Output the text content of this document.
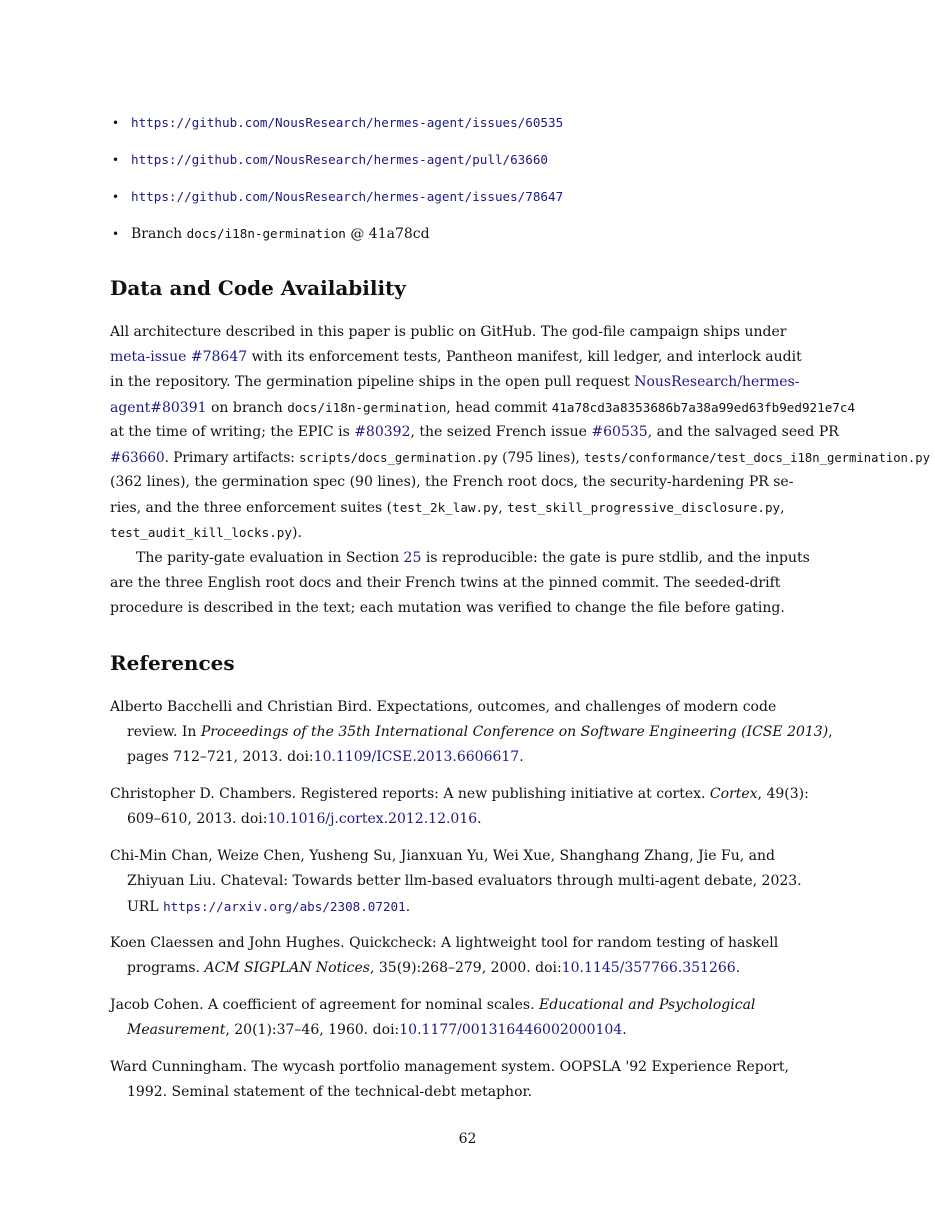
• https://github.com/NousResearch/hermes-agent/issues/60535
• https://github.com/NousResearch/hermes-agent/pull/63660
• https://github.com/NousResearch/hermes-agent/issues/78647
• Branch docs/i18n-germination @ 41a78cd
Data and Code Availability
All architecture described in this paper is public on GitHub. The god-file campaign ships under
meta-issue #78647 with its enforcement tests, Pantheon manifest, kill ledger, and interlock audit
in the repository. The germination pipeline ships in the open pull request NousResearch/hermes-
agent#80391 on branch docs/i18n-germination, head commit 41a78cd3a8353686b7a38a99ed63fb9ed921e7c4
at the time of writing; the EPIC is #80392, the seized French issue #60535, and the salvaged seed PR
#63660. Primary artifacts: scripts/docs_germination.py (795 lines), tests/conformance/test_docs_i18n_germination.py
(362 lines), the germination spec (90 lines), the French root docs, the security-hardening PR se-
ries, and the three enforcement suites (test_2k_law.py, test_skill_progressive_disclosure.py,
test_audit_kill_locks.py).
The parity-gate evaluation in Section 25 is reproducible: the gate is pure stdlib, and the inputs
are the three English root docs and their French twins at the pinned commit. The seeded-drift
procedure is described in the text; each mutation was verified to change the file before gating.
References
Alberto Bacchelli and Christian Bird. Expectations, outcomes, and challenges of modern code
review. In Proceedings of the 35th International Conference on Software Engineering (ICSE 2013),
pages 712–721, 2013. doi:10.1109/ICSE.2013.6606617.
Christopher D. Chambers. Registered reports: A new publishing initiative at cortex. Cortex, 49(3):
609–610, 2013. doi:10.1016/j.cortex.2012.12.016.
Chi-Min Chan, Weize Chen, Yusheng Su, Jianxuan Yu, Wei Xue, Shanghang Zhang, Jie Fu, and
Zhiyuan Liu. Chateval: Towards better llm-based evaluators through multi-agent debate, 2023.
URL https://arxiv.org/abs/2308.07201.
Koen Claessen and John Hughes. Quickcheck: A lightweight tool for random testing of haskell
programs. ACM SIGPLAN Notices, 35(9):268–279, 2000. doi:10.1145/357766.351266.
Jacob Cohen. A coefficient of agreement for nominal scales. Educational and Psychological
Measurement, 20(1):37–46, 1960. doi:10.1177/001316446002000104.
Ward Cunningham. The wycash portfolio management system. OOPSLA '92 Experience Report,
1992. Seminal statement of the technical-debt metaphor.
62
